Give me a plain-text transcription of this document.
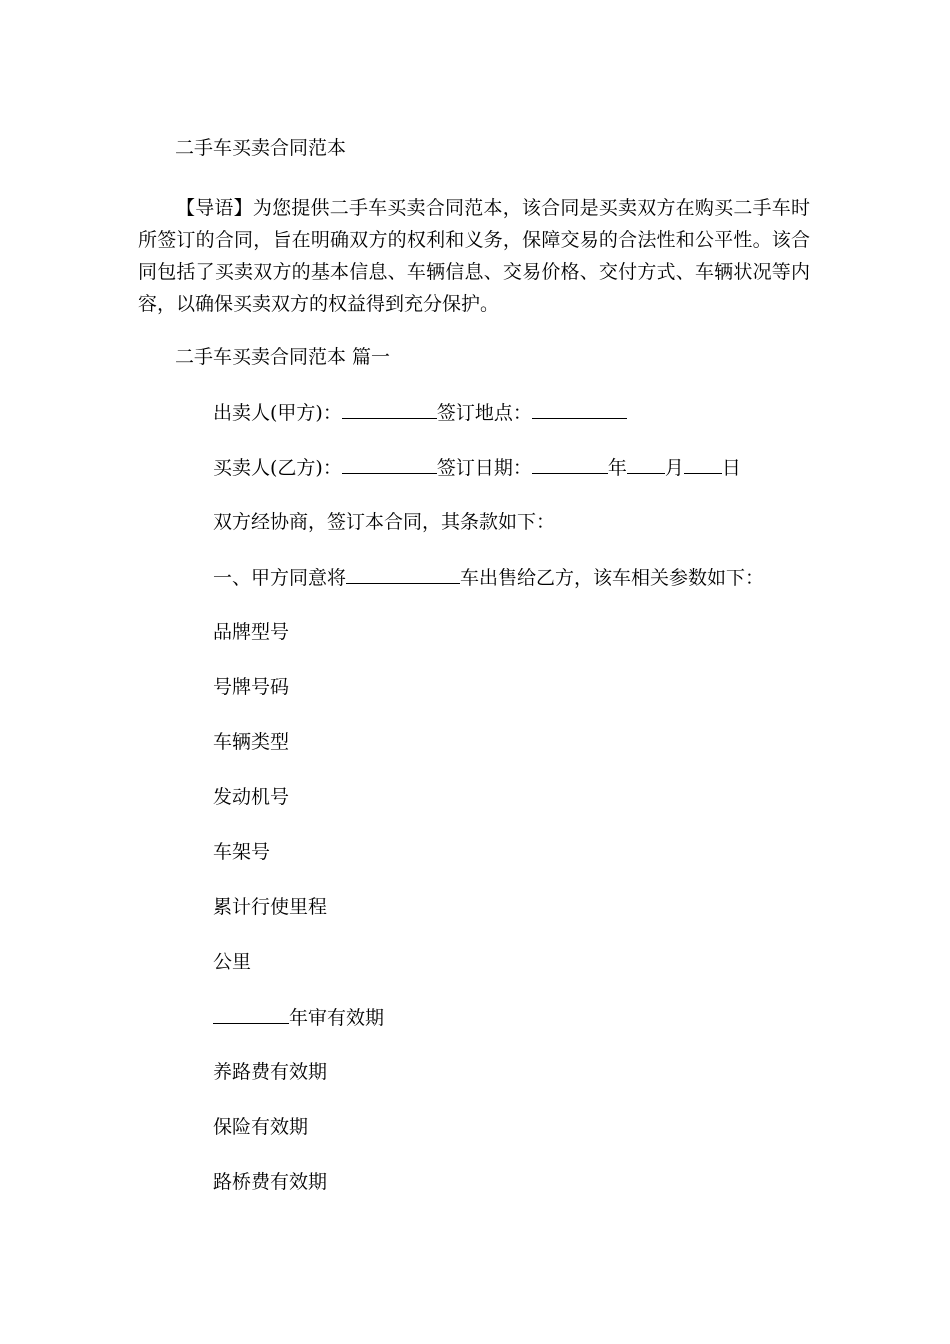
二手车买卖合同范本

【导语】为您提供二手车买卖合同范本，该合同是买卖双方在购买二手车时所签订的合同，旨在明确双方的权利和义务，保障交易的合法性和公平性。该合同包括了买卖双方的基本信息、车辆信息、交易价格、交付方式、车辆状况等内容，以确保买卖双方的权益得到充分保护。

二手车买卖合同范本 篇一
出卖人(甲方)：	签订地点：
买卖人(乙方)：	签订日期：	年 月 日
双方经协商，签订本合同，其条款如下：
一、甲方同意将	车出售给乙方，该车相关参数如下：
品牌型号
号牌号码
车辆类型
发动机号
车架号
累计行使里程
公里
年审有效期
养路费有效期
保险有效期
路桥费有效期
